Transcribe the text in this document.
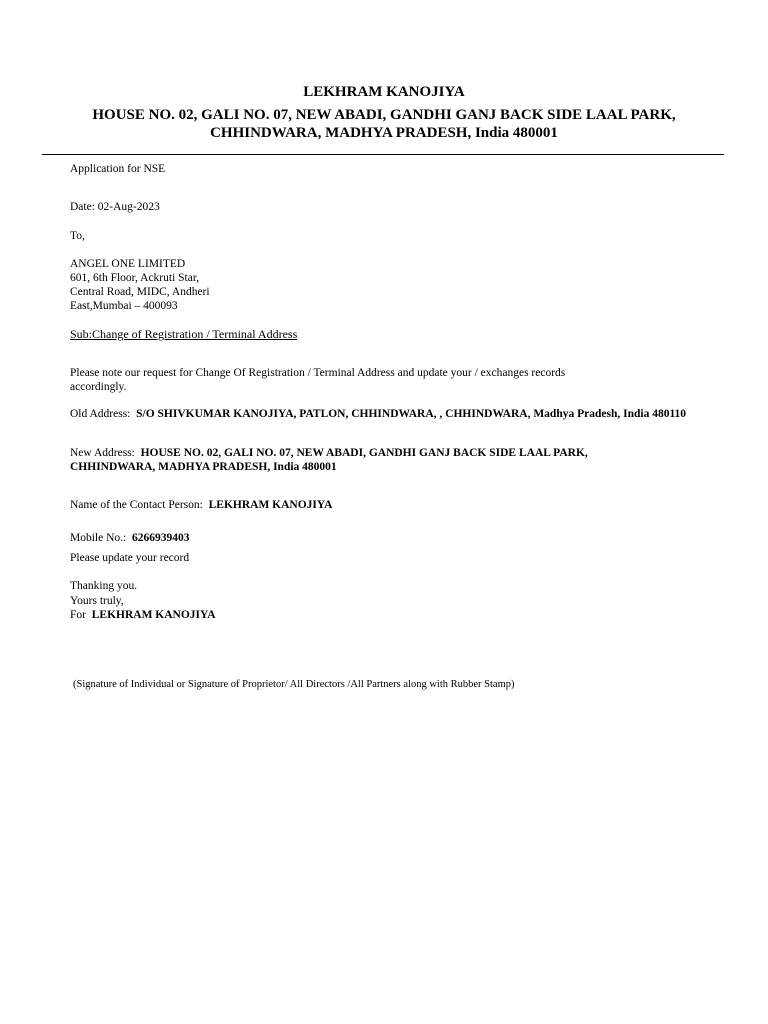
LEKHRAM KANOJIYA
HOUSE NO. 02, GALI NO. 07, NEW ABADI, GANDHI GANJ BACK SIDE LAAL PARK,
CHHINDWARA, MADHYA PRADESH, India 480001
Application for NSE
Date: 02-Aug-2023
To,
ANGEL ONE LIMITED
601, 6th Floor, Ackruti Star,
Central Road, MIDC, Andheri
East,Mumbai – 400093
Sub:Change of Registration / Terminal Address
Please note our request for Change Of Registration / Terminal Address and update your / exchanges records
accordingly.
Old Address: S/O SHIVKUMAR KANOJIYA, PATLON, CHHINDWARA, , CHHINDWARA, Madhya Pradesh, India 480110
New Address: HOUSE NO. 02, GALI NO. 07, NEW ABADI, GANDHI GANJ BACK SIDE LAAL PARK, CHHINDWARA, MADHYA PRADESH, India 480001
Name of the Contact Person: LEKHRAM KANOJIYA
Mobile No.: 6266939403
Please update your record
Thanking you.
Yours truly,
For LEKHRAM KANOJIYA
(Signature of Individual or Signature of Proprietor/ All Directors /All Partners along with Rubber Stamp)
